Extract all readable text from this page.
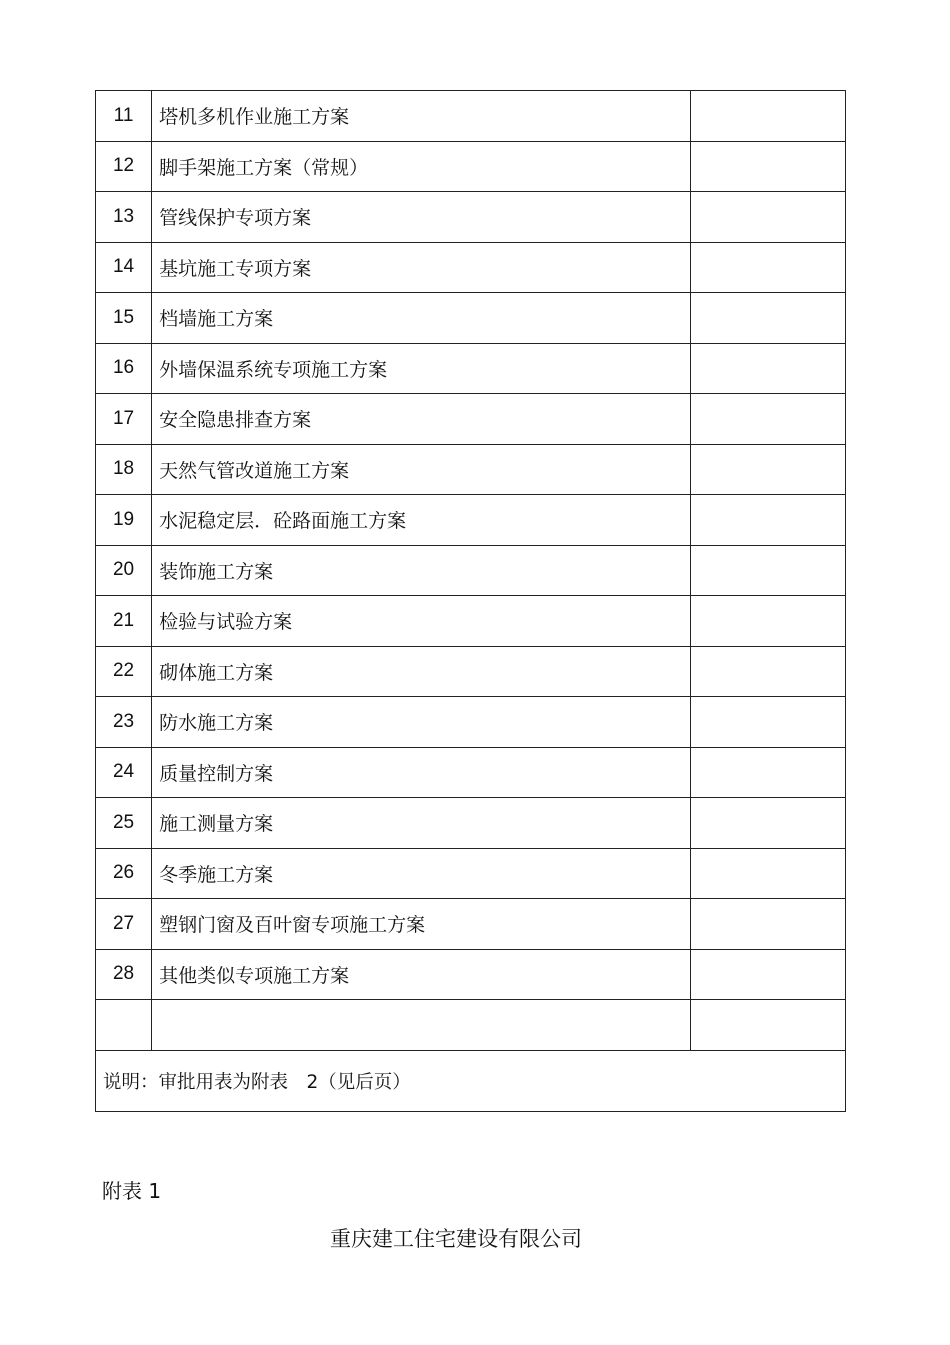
11	塔机多机作业施工方案	
12	脚手架施工方案（常规）	
13	管线保护专项方案	
14	基坑施工专项方案	
15	档墙施工方案	
16	外墙保温系统专项施工方案	
17	安全隐患排查方案	
18	天然气管改道施工方案	
19	水泥稳定层．砼路面施工方案	
20	装饰施工方案	
21	检验与试验方案	
22	砌体施工方案	
23	防水施工方案	
24	质量控制方案	
25	施工测量方案	
26	冬季施工方案	
27	塑钢门窗及百叶窗专项施工方案	
28	其他类似专项施工方案	

说明：审批用表为附表　2（见后页）		
附表 1
重庆建工住宅建设有限公司
